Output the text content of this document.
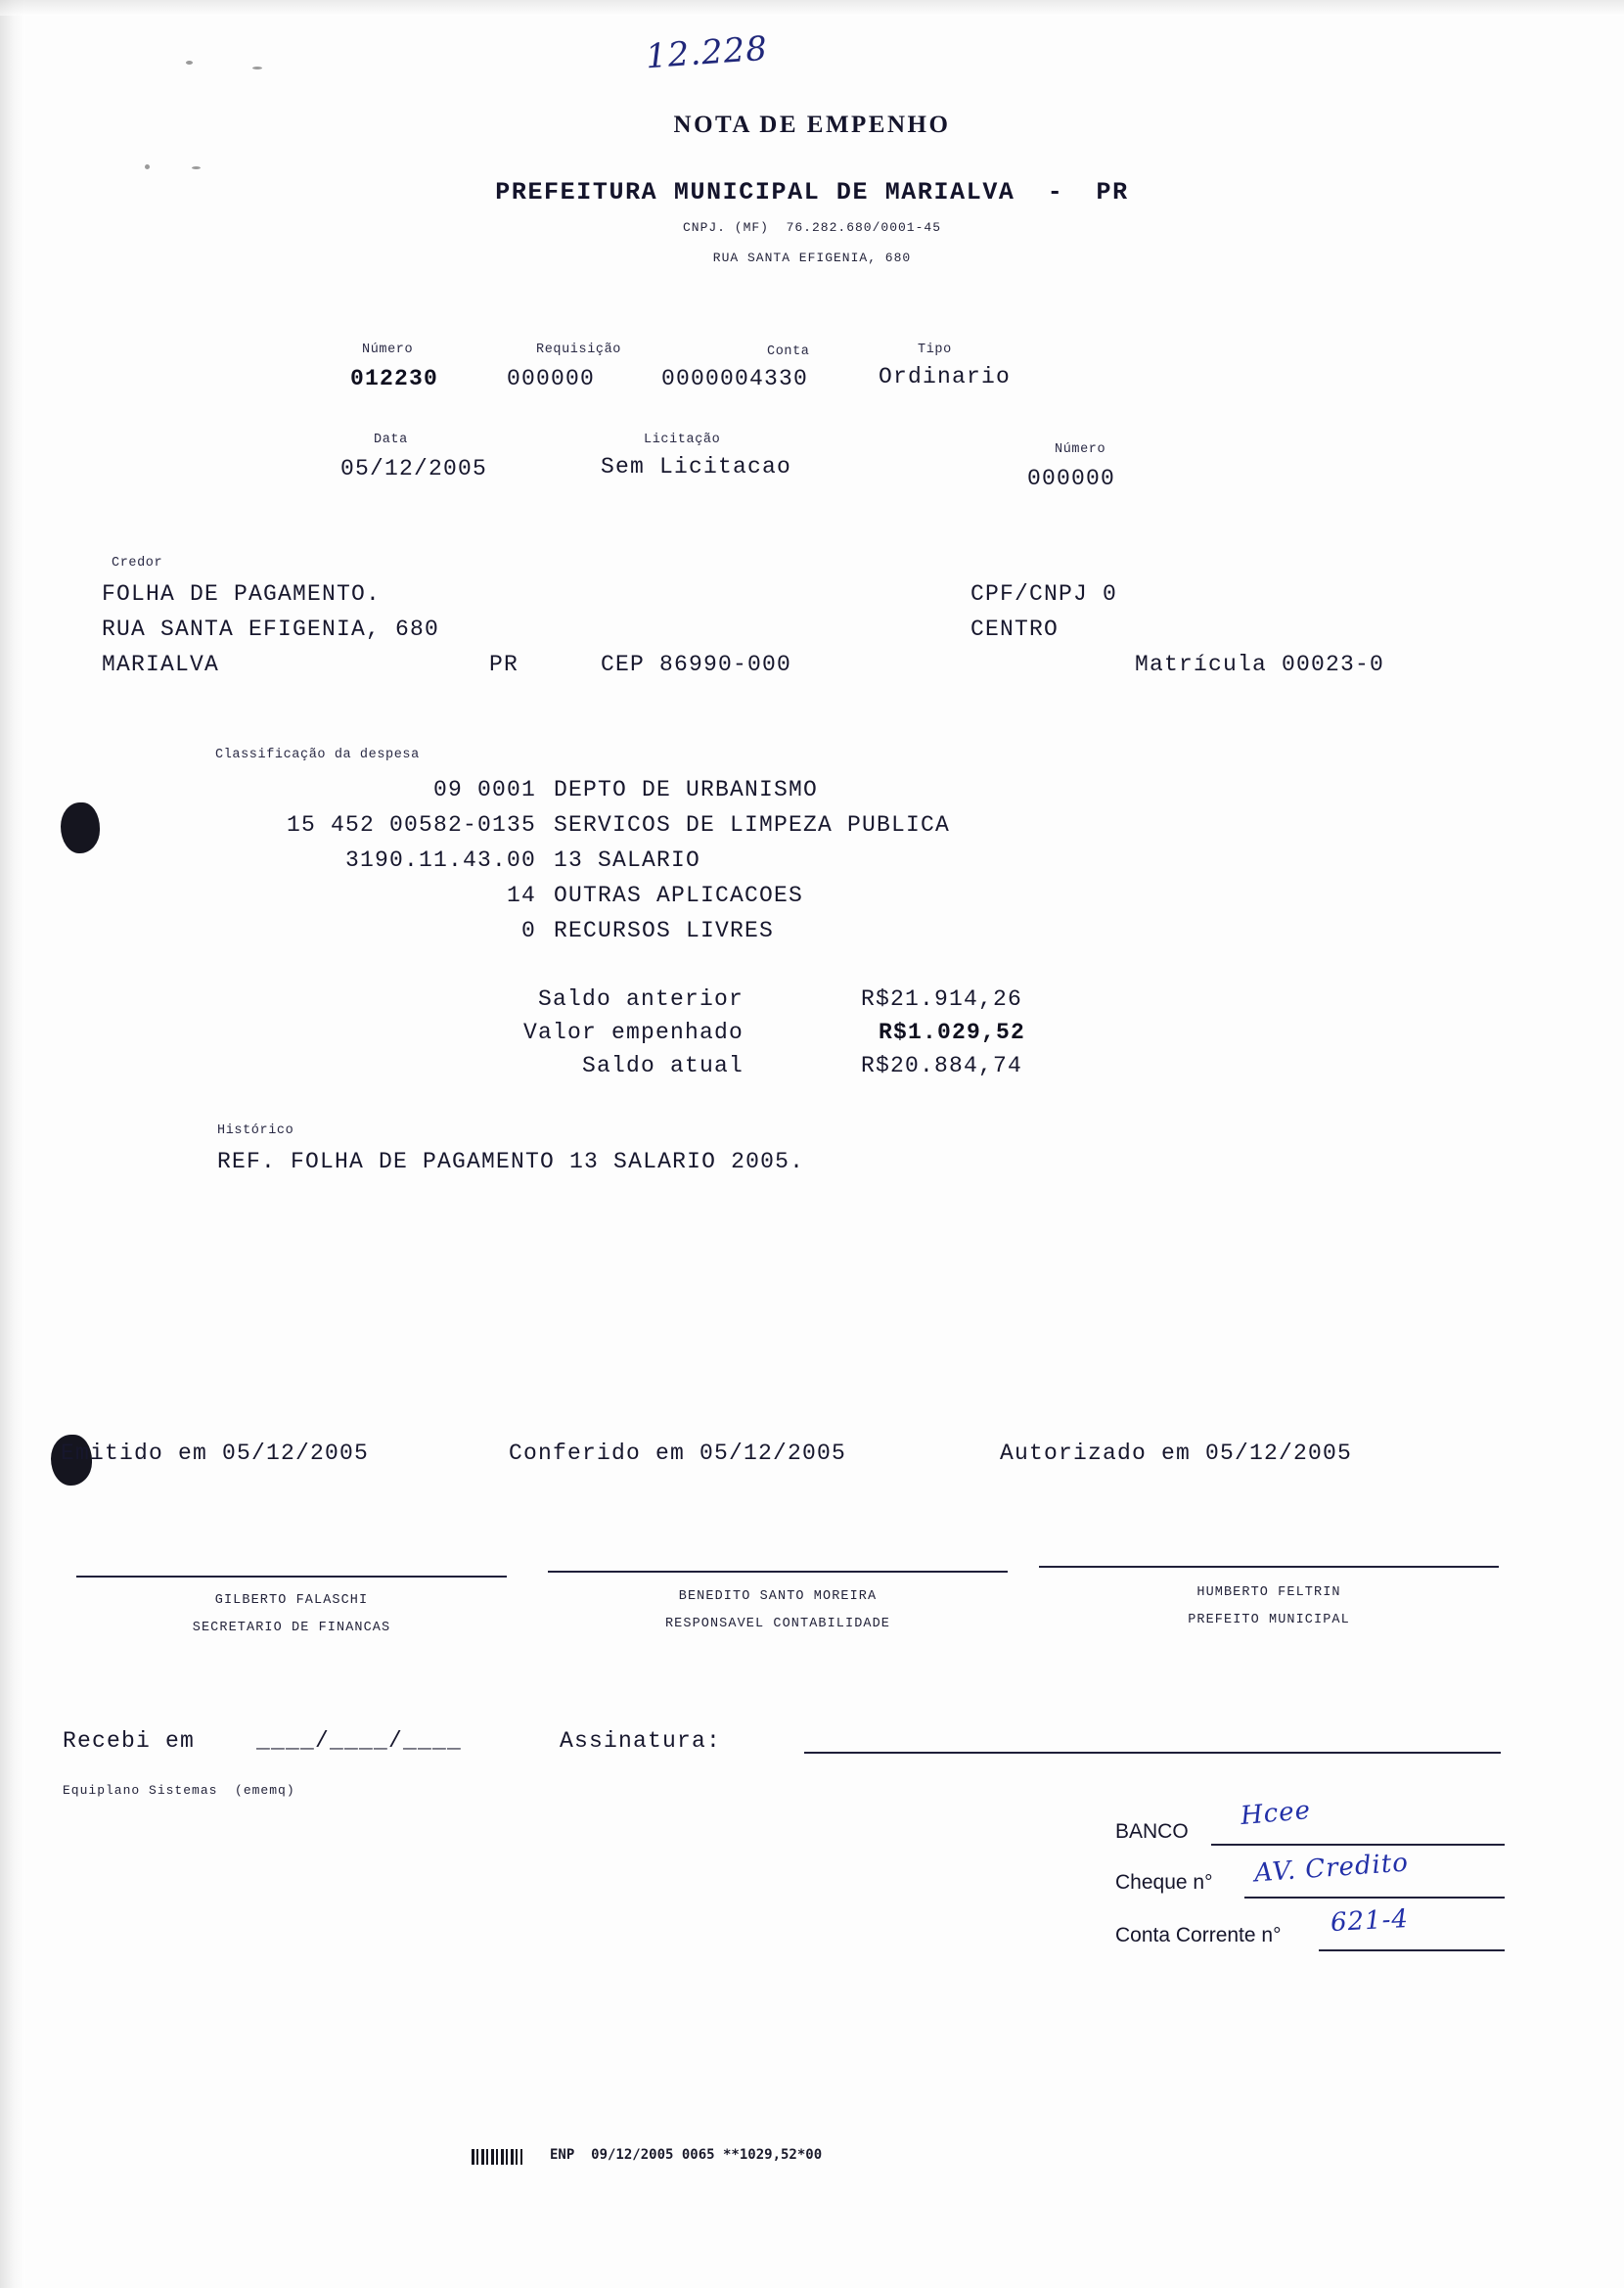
12.228
NOTA DE EMPENHO
PREFEITURA MUNICIPAL DE MARIALVA  -  PR
CNPJ. (MF)  76.282.680/0001-45
RUA SANTA EFIGENIA, 680
Número
012230
Requisição
000000
Conta
0000004330
Tipo
Ordinario
Data
05/12/2005
Licitação
Sem Licitacao
Número
000000
Credor
FOLHA DE PAGAMENTO.
RUA SANTA EFIGENIA, 680
MARIALVA	PR	CEP 86990-000
CPF/CNPJ 0
CENTRO
Matrícula 00023-0
Classificação da despesa
09 0001 DEPTO DE URBANISMO
15 452 00582-0135 SERVICOS DE LIMPEZA PUBLICA
3190.11.43.00 13 SALARIO
14 OUTRAS APLICACOES
0 RECURSOS LIVRES
Saldo anterior	R$21.914,26
Valor empenhado	R$1.029,52
Saldo atual	R$20.884,74
Histórico
REF. FOLHA DE PAGAMENTO 13 SALARIO 2005.
Emitido em 05/12/2005	Conferido em 05/12/2005	Autorizado em 05/12/2005
GILBERTO FALASCHI
SECRETARIO DE FINANCAS
BENEDITO SANTO MOREIRA
RESPONSAVEL CONTABILIDADE
HUMBERTO FELTRIN
PREFEITO MUNICIPAL
Recebi em	____/____/____	Assinatura:
Equiplano Sistemas  (ememq)
BANCO
Hcee
Cheque n° AV. Credito
Conta Corrente n° 621-4
ENP  09/12/2005 0065 **1029,52*00
